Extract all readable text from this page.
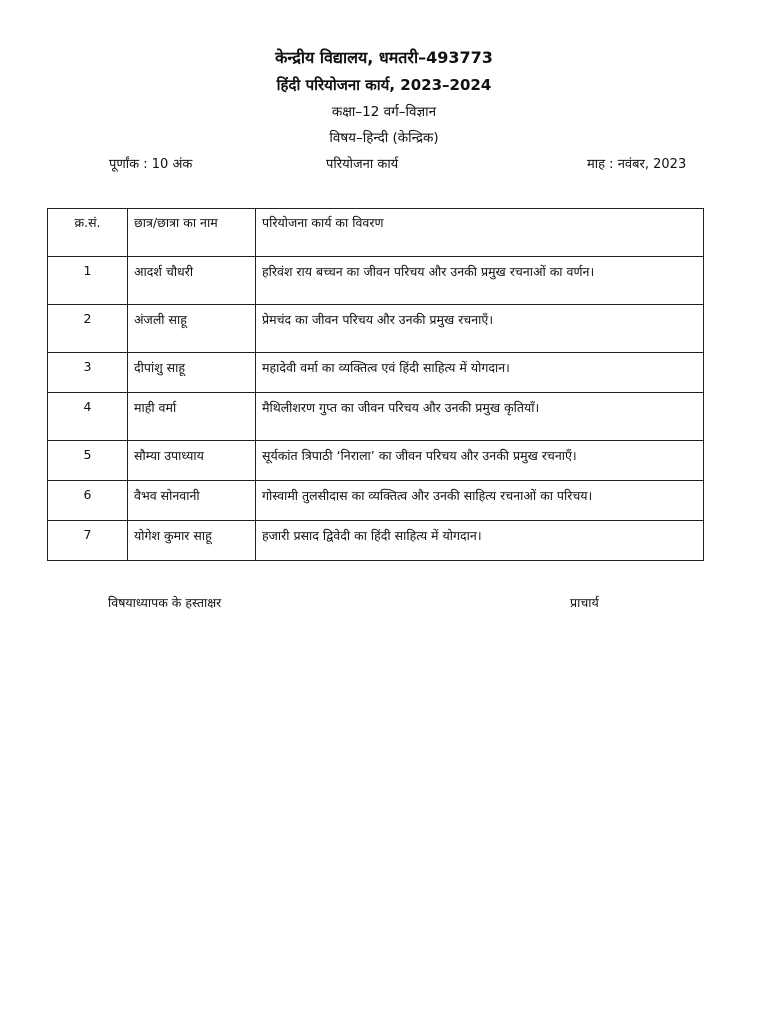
केन्द्रीय विद्यालय, धमतरी–493773
हिंदी परियोजना कार्य, 2023–2024
कक्षा–12 वर्ग–विज्ञान
विषय–हिन्दी (केन्द्रिक)
पूर्णांक : 10 अंक	परियोजना कार्य	माह : नवंबर, 2023
क्र.सं.	छात्र/छात्रा का नाम	परियोजना कार्य का विवरण
1	आदर्श चौधरी	हरिवंश राय बच्चन का जीवन परिचय और उनकी प्रमुख रचनाओं का वर्णन।
2	अंजली साहू	प्रेमचंद का जीवन परिचय और उनकी प्रमुख रचनाएँ।
3	दीपांशु साहू	महादेवी वर्मा का व्यक्तित्व एवं हिंदी साहित्य में योगदान।
4	माही वर्मा	मैथिलीशरण गुप्त का जीवन परिचय और उनकी प्रमुख कृतियाँ।
5	सौम्या उपाध्याय	सूर्यकांत त्रिपाठी ‘निराला’ का जीवन परिचय और उनकी प्रमुख रचनाएँ।
6	वैभव सोनवानी	गोस्वामी तुलसीदास का व्यक्तित्व और उनकी साहित्य रचनाओं का परिचय।
7	योगेश कुमार साहू	हजारी प्रसाद द्विवेदी का हिंदी साहित्य में योगदान।
विषयाध्यापक के हस्ताक्षर	प्राचार्य
